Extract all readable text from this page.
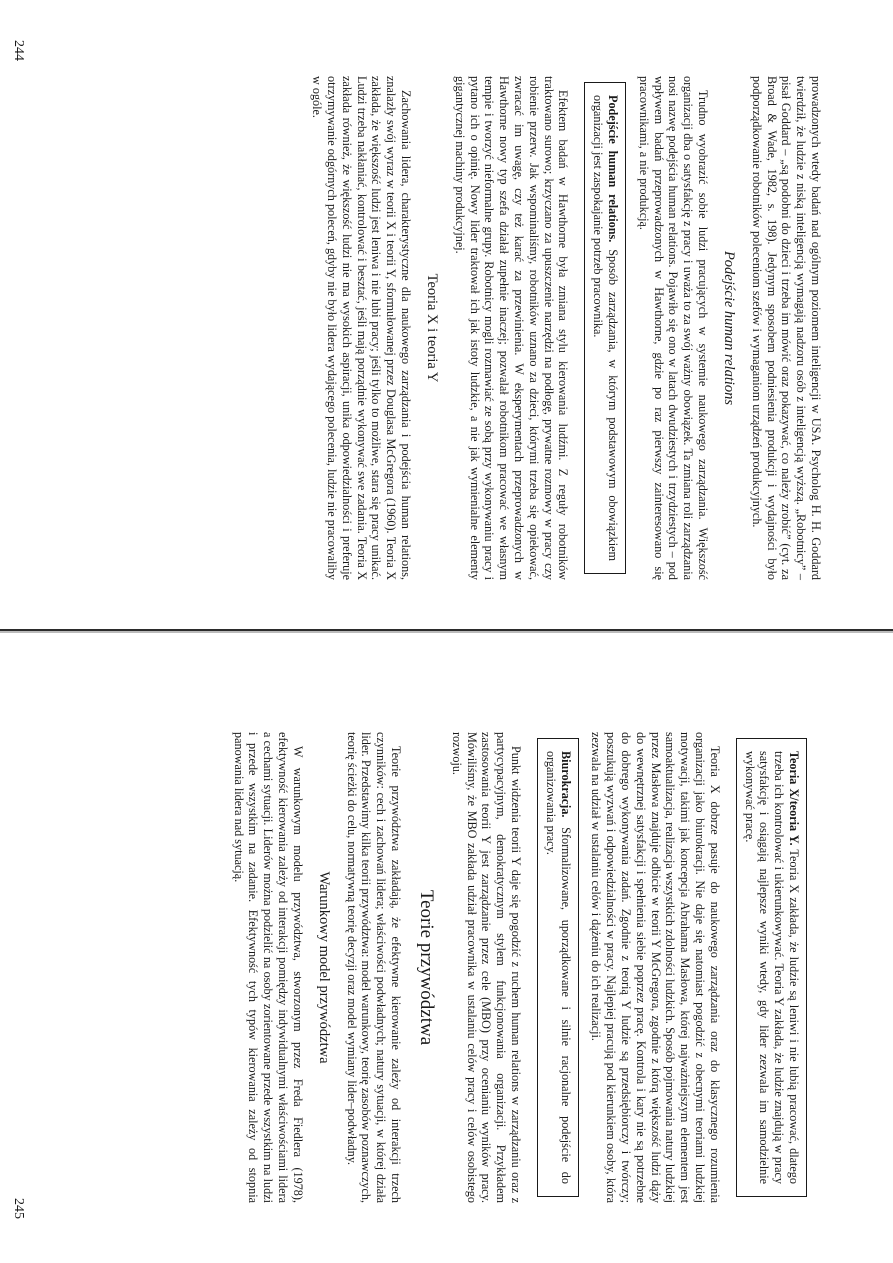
prowadzonych wtedy badań nad ogólnym poziomem inteligencji w USA. Psycholog H. H. Goddard twierdził, że ludzie z niską inteligencją wymagają nadzoru osób z inteligencją wyższą. „Robotnicy” – pisał Goddard – „są podobni do dzieci i trzeba im mówić oraz pokazywać, co należy zrobić” (cyt. za Broad & Wade, 1982, s. 198). Jedynym sposobem podniesienia produkcji i wydajności było podporządkowanie robotników poleceniom szefów i wymaganiom urządzeń produkcyjnych.

Podejście human relations

Trudno wyobrazić sobie ludzi pracujących w systemie naukowego zarządzania. Większość organizacji dba o satysfakcję z pracy i uważa to za swój ważny obowiązek. Ta zmiana roli zarządzania nosi nazwę podejścia human relations. Pojawiło się ono w latach dwudziestych i trzydziestych – pod wpływem badań przeprowadzonych w Hawthorne, gdzie po raz pierwszy zainteresowano się pracownikami, a nie produkcją.

Podejście human relations. Sposób zarządzania, w którym podstawowym obowiązkiem organizacji jest zaspokajanie potrzeb pracownika.

Efektem badań w Hawthorne była zmiana stylu kierowania ludźmi. Z reguły robotników traktowano surowo; krzyczano za upuszczenie narzędzi na podłogę, prywatne rozmowy w pracy czy robienie przerw. Jak wspominaliśmy, robotników uznano za dzieci, którymi trzeba się opiekować, zwracać im uwagę, czy też karać za przewinienia. W eksperymentach przeprowadzonych w Hawthorne nowy typ szefa działał zupełnie inaczej; pozwalał robotnikom pracować we własnym tempie i tworzyć nieformalne grupy. Robotnicy mogli rozmawiać ze sobą przy wykonywaniu pracy i pytano ich o opinię. Nowy lider traktował ich jak istoty ludzkie, a nie jak wymienialne elementy gigantycznej machiny produkcyjnej.

Teoria X i teoria Y

Zachowania lidera, charakterystyczne dla naukowego zarządzania i podejścia human relations, znalazły swój wyraz w teorii X i teorii Y, sformułowanej przez Douglasa McGregora (1960). Teoria X zakłada, że większość ludzi jest leniwa i nie lubi pracy; jeśli tylko to możliwe, stara się pracy unikać. Ludzi trzeba nakłaniać, kontrolować i besztać, jeśli mają porządnie wykonywać swe zadania. Teoria X zakłada również, że większość ludzi nie ma wysokich aspiracji, unika odpowiedzialności i preferuje otrzymywanie odgórnych poleceń, gdyby nie było lidera wydającego polecenia, ludzie nie pracowaliby w ogóle.

244
Teoria X/teoria Y. Teoria X zakłada, że ludzie są leniwi i nie lubią pracować, dlatego trzeba ich kontrolować i ukierunkowywać. Teoria Y zakłada, że ludzie znajdują w pracy satysfakcję i osiągają najlepsze wyniki wtedy, gdy lider zezwala im samodzielnie wykonywać pracę.

Teoria X dobrze pasuje do naukowego zarządzania oraz do klasycznego rozumienia organizacji jako biurokracji. Nie daje się natomiast pogodzić z obecnymi teoriami ludzkiej motywacji, takimi jak koncepcja Abrahama Masłowa, której najważniejszym elementem jest samoaktualizacja, realizacja wszystkich zdolności ludzkich. Sposób pojmowania natury ludzkiej przez Masłowa znajduje odbicie w teorii Y McGregora, zgodnie z którą większość ludzi dąży do wewnętrznej satysfakcji i spełnienia siebie poprzez pracę. Kontrola i kary nie są potrzebne do dobrego wykonywania zadań. Zgodnie z teorią Y ludzie są przedsiębiorczy i twórczy; poszukują wyzwań i odpowiedzialności w pracy. Najlepiej pracują pod kierunkiem osoby, która zezwala na udział w ustalaniu celów i dążeniu do ich realizacji.

Biurokracja. Sformalizowane, uporządkowane i silnie racjonalne podejście do organizowania pracy.

Punkt widzenia teorii Y daje się pogodzić z ruchem human relations w zarządzaniu oraz z partycypacyjnym, demokratycznym stylem funkcjonowania organizacji. Przykładem zastosowania teorii Y jest zarządzanie przez cele (MBO) przy ocenianiu wyników pracy. Mówiliśmy, że MBO zakłada udział pracownika w ustalaniu celów pracy i celów osobistego rozwoju.

Teorie przywództwa

Teorie przywództwa zakładają, że efektywne kierowanie zależy od interakcji trzech czynników: cech i zachowań lidera; właściwości podwładnych; natury sytuacji, w której działa lider. Przedstawimy kilka teorii przywództwa: model warunkowy, teorię zasobów poznawczych, teorię ścieżki do celu, normatywną teorię decyzji oraz model wymiany lider–podwładny.

Warunkowy model przywództwa

W warunkowym modelu przywództwa, stworzonym przez Freda Fiedlera (1978), efektywność kierowania zależy od interakcji pomiędzy indywidualnymi właściwościami lidera a cechami sytuacji. Liderów można podzielić na osoby zorientowane przede wszystkim na ludzi i przede wszystkim na zadanie. Efektywność tych typów kierowania zależy od stopnia panowania lidera nad sytuacją.

245
